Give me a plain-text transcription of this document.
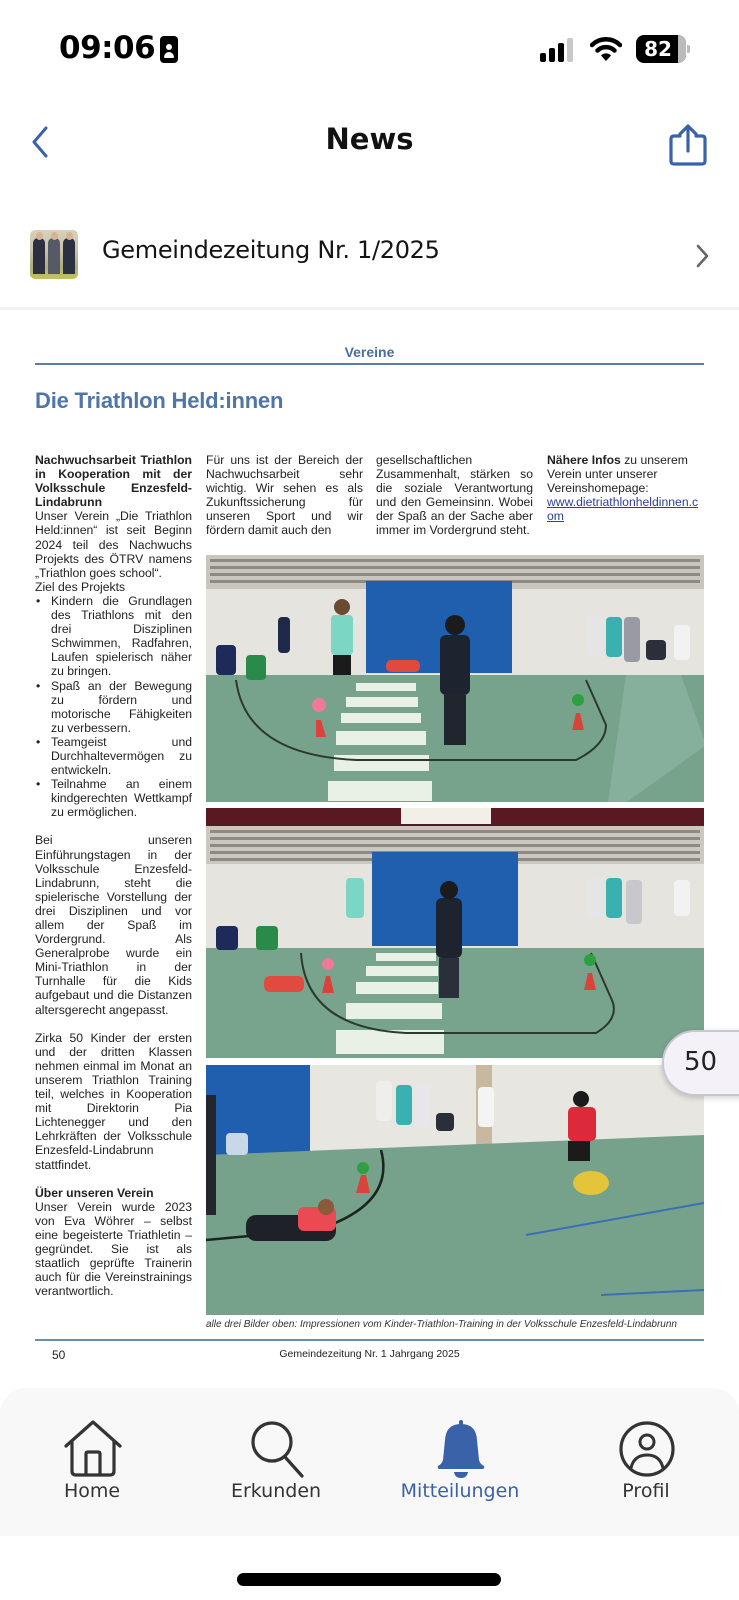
09:06	82
News
Gemeindezeitung Nr. 1/2025
Vereine
Die Triathlon Held:innen

Nachwuchsarbeit Triathlon in Kooperation mit der Volksschule Enzesfeld-Lindabrunn

Unser Verein „Die Triathlon Held:innen“ ist seit Beginn 2024 teil des Nachwuchs Projekts des ÖTRV namens „Triathlon goes school“.

Ziel des Projekts

• Kindern die Grundlagen des Triathlons mit den drei Disziplinen Schwimmen, Radfahren, Laufen spielerisch näher zu bringen.
• Spaß an der Bewegung zu fördern und motorische Fähigkeiten zu verbessern.
• Teamgeist und Durchhaltevermögen zu entwickeln.
• Teilnahme an einem kindgerechten Wettkampf zu ermöglichen.

Bei unseren Einführungstagen in der Volksschule Enzesfeld-Lindabrunn, steht die spielerische Vorstellung der drei Disziplinen und vor allem der Spaß im Vordergrund. Als Generalprobe wurde ein Mini-Triathlon in der Turnhalle für die Kids aufgebaut und die Distanzen altersgerecht angepasst.

Zirka 50 Kinder der ersten und der dritten Klassen nehmen einmal im Monat an unserem Triathlon Training teil, welches in Kooperation mit Direktorin Pia Lichtenegger und den Lehrkräften der Volksschule Enzesfeld-Lindabrunn stattfindet.

Über unseren Verein

Unser Verein wurde 2023 von Eva Wöhrer – selbst eine begeisterte Triathletin – gegründet. Sie ist als staatlich geprüfte Trainerin auch für die Vereinstrainings verantwortlich.

Für uns ist der Bereich der Nachwuchsarbeit sehr wichtig. Wir sehen es als Zukunftssicherung für unseren Sport und wir fördern damit auch den

gesellschaftlichen Zusammenhalt, stärken so die soziale Verantwortung und den Gemeinsinn. Wobei der Spaß an der Sache aber immer im Vordergrund steht.

Nähere Infos zu unserem Verein unter unserer Vereinshomepage:

www.dietriathlonheldinnen.com

alle drei Bilder oben: Impressionen vom Kinder-Triathlon-Training in der Volksschule Enzesfeld-Lindabrunn
50	Gemeindezeitung Nr. 1 Jahrgang 2025
50
Home	Erkunden	Mitteilungen	Profil
